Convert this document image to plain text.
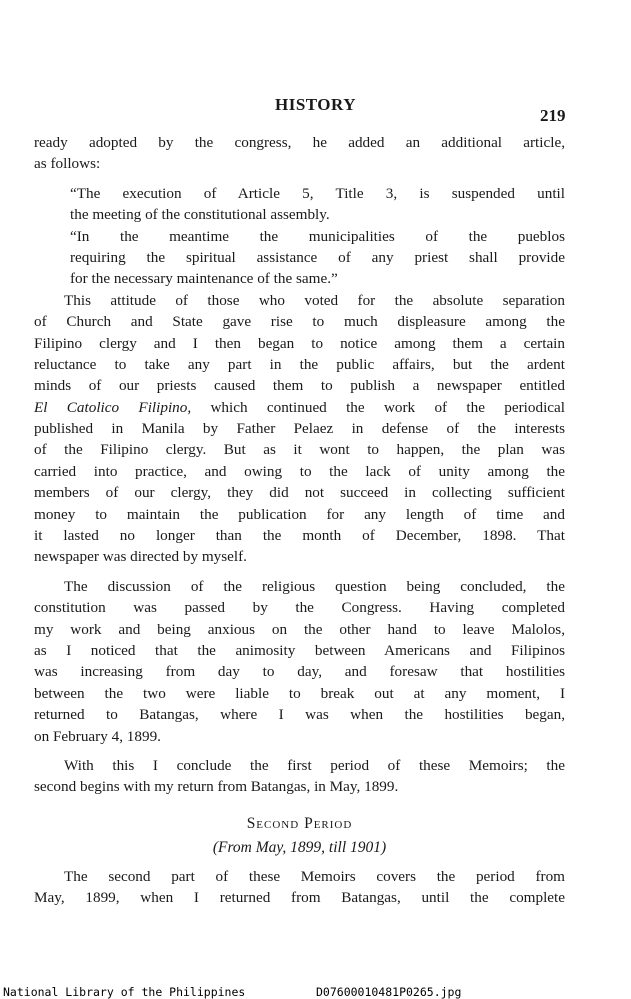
HISTORY
219
ready adopted by the congress, he added an additional article,
as follows:
“The execution of Article 5, Title 3, is suspended until
the meeting of the constitutional assembly.
“In the meantime the municipalities of the pueblos
requiring the spiritual assistance of any priest shall provide
for the necessary maintenance of the same.”
This attitude of those who voted for the absolute separation
of Church and State gave rise to much displeasure among the
Filipino clergy and I then began to notice among them a certain
reluctance to take any part in the public affairs, but the ardent
minds of our priests caused them to publish a newspaper entitled
El Catolico Filipino, which continued the work of the periodical
published in Manila by Father Pelaez in defense of the interests
of the Filipino clergy. But as it wont to happen, the plan was
carried into practice, and owing to the lack of unity among the
members of our clergy, they did not succeed in collecting sufficient
money to maintain the publication for any length of time and
it lasted no longer than the month of December, 1898. That
newspaper was directed by myself.
The discussion of the religious question being concluded, the
constitution was passed by the Congress. Having completed
my work and being anxious on the other hand to leave Malolos,
as I noticed that the animosity between Americans and Filipinos
was increasing from day to day, and foresaw that hostilities
between the two were liable to break out at any moment, I
returned to Batangas, where I was when the hostilities began,
on February 4, 1899.
With this I conclude the first period of these Memoirs; the
second begins with my return from Batangas, in May, 1899.
Second Period
(From May, 1899, till 1901)
The second part of these Memoirs covers the period from
May, 1899, when I returned from Batangas, until the complete
National Library of the Philippines	D07600010481P0265.jpg
